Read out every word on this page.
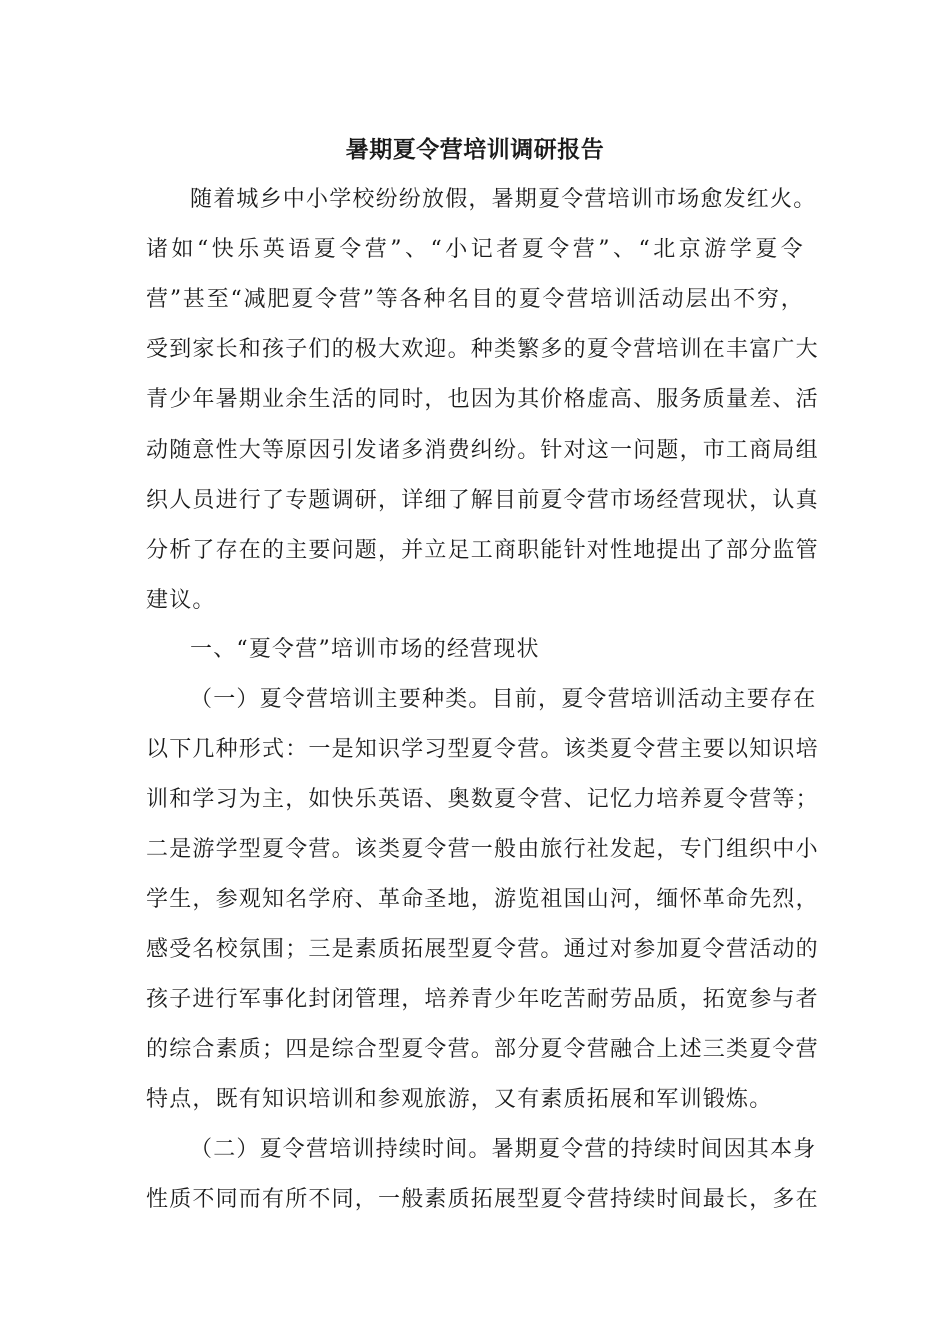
暑期夏令营培训调研报告
随着城乡中小学校纷纷放假，暑期夏令营培训市场愈发红火。
诸如“快乐英语夏令营”、“小记者夏令营”、“北京游学夏令
营”甚至“减肥夏令营”等各种名目的夏令营培训活动层出不穷，
受到家长和孩子们的极大欢迎。种类繁多的夏令营培训在丰富广大
青少年暑期业余生活的同时，也因为其价格虚高、服务质量差、活
动随意性大等原因引发诸多消费纠纷。针对这一问题，市工商局组
织人员进行了专题调研，详细了解目前夏令营市场经营现状，认真
分析了存在的主要问题，并立足工商职能针对性地提出了部分监管
建议。
一、“夏令营”培训市场的经营现状
（一）夏令营培训主要种类。目前，夏令营培训活动主要存在
以下几种形式：一是知识学习型夏令营。该类夏令营主要以知识培
训和学习为主，如快乐英语、奥数夏令营、记忆力培养夏令营等；
二是游学型夏令营。该类夏令营一般由旅行社发起，专门组织中小
学生，参观知名学府、革命圣地，游览祖国山河，缅怀革命先烈，
感受名校氛围；三是素质拓展型夏令营。通过对参加夏令营活动的
孩子进行军事化封闭管理，培养青少年吃苦耐劳品质，拓宽参与者
的综合素质；四是综合型夏令营。部分夏令营融合上述三类夏令营
特点，既有知识培训和参观旅游，又有素质拓展和军训锻炼。
（二）夏令营培训持续时间。暑期夏令营的持续时间因其本身
性质不同而有所不同，一般素质拓展型夏令营持续时间最长，多在
